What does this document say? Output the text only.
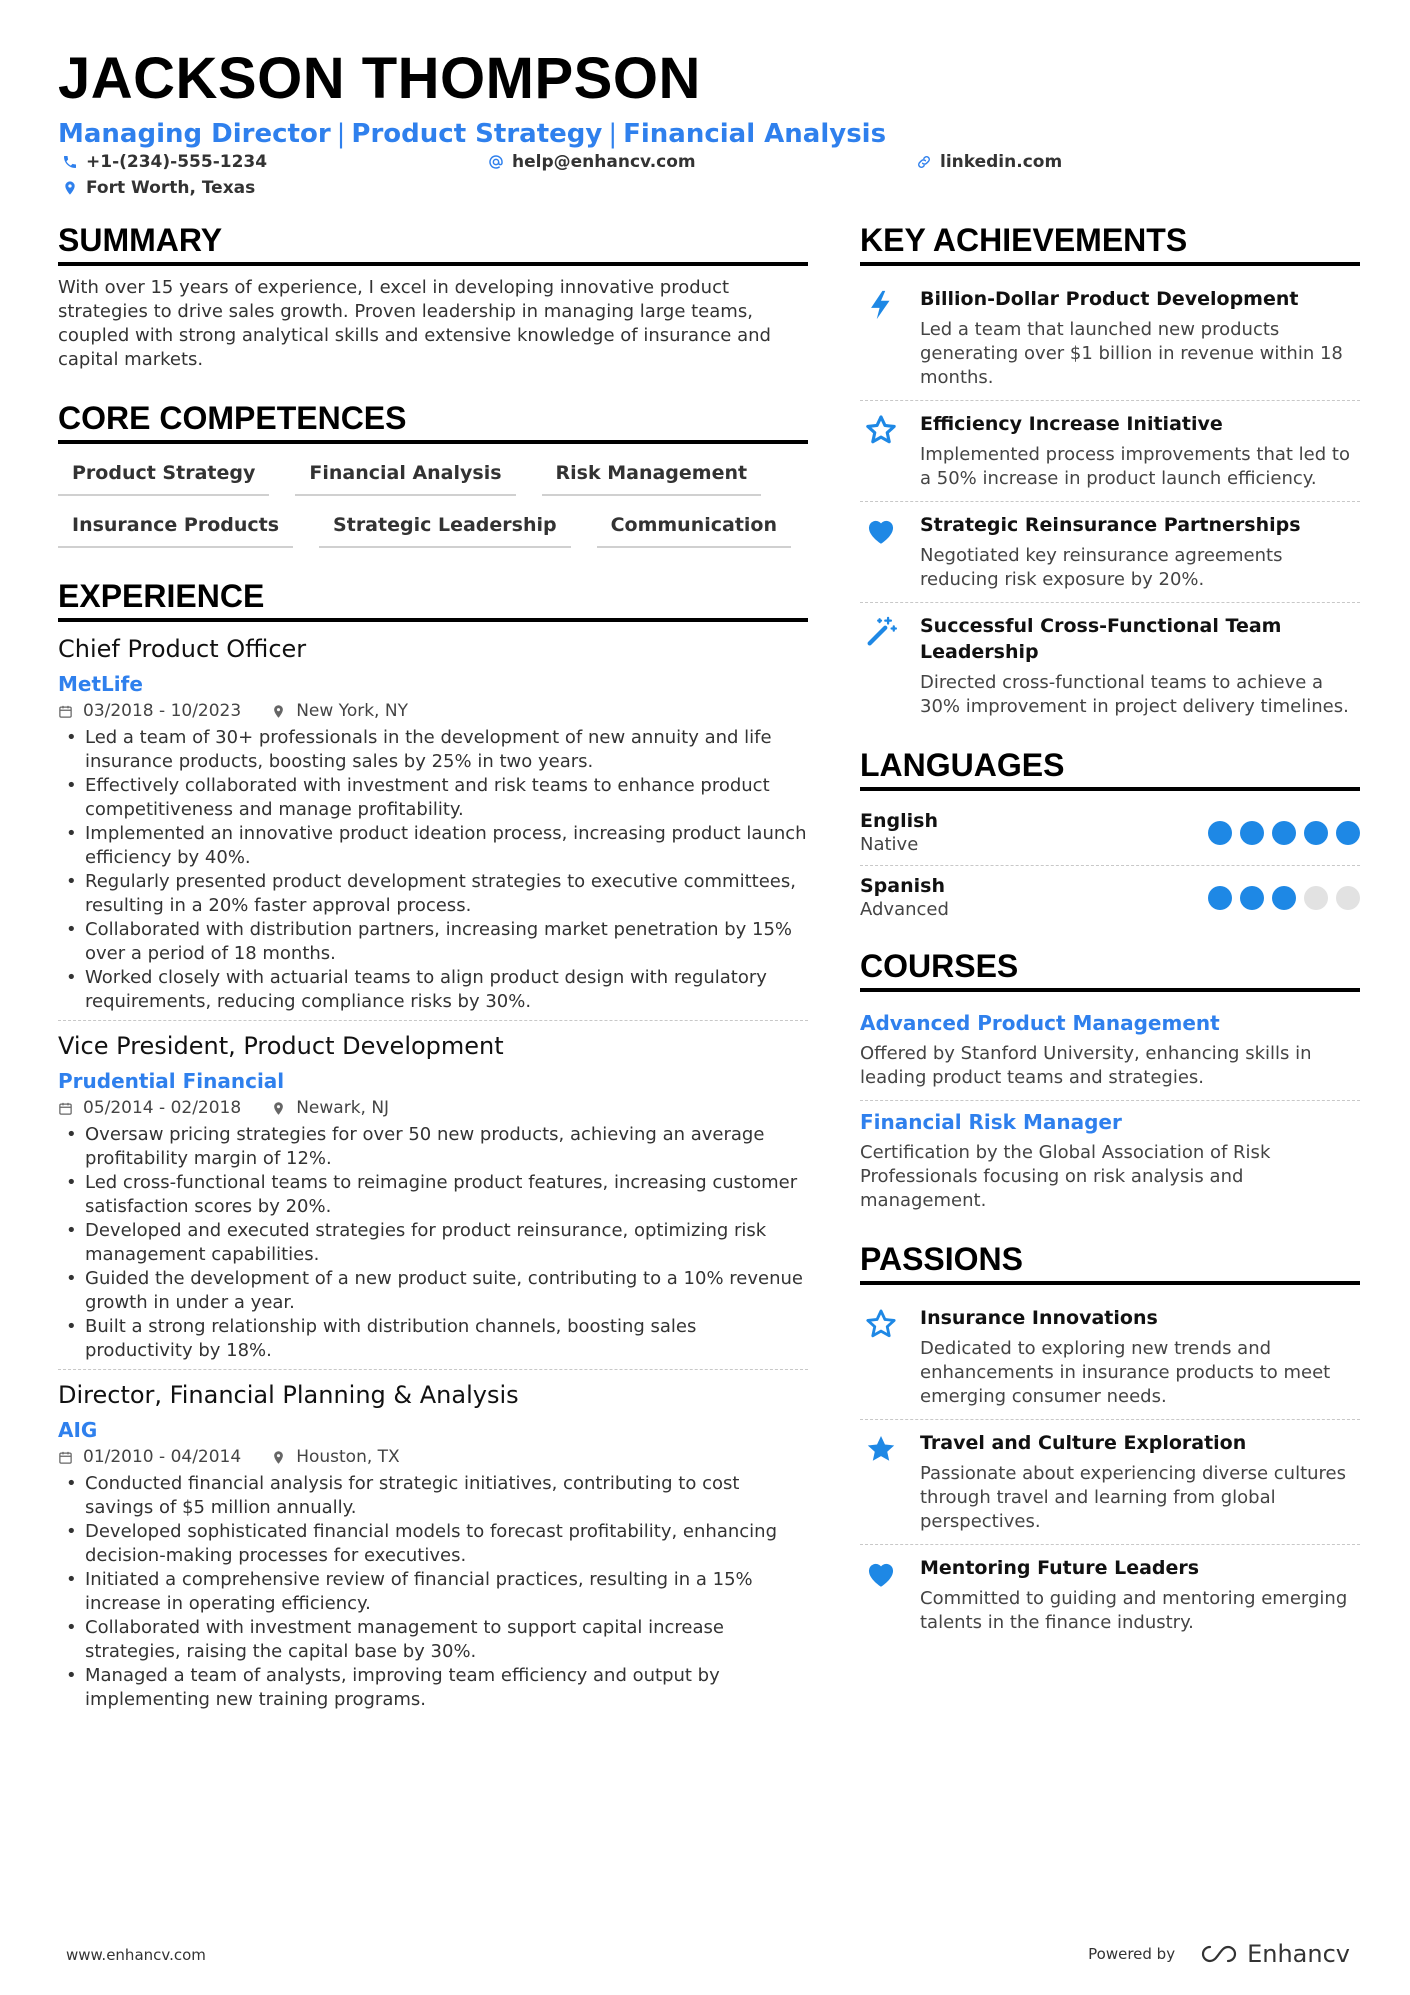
JACKSON THOMPSON
Managing Director | Product Strategy | Financial Analysis
+1-(234)-555-1234	help@enhancv.com	linkedin.com
Fort Worth, Texas
SUMMARY

With over 15 years of experience, I excel in developing innovative product strategies to drive sales growth. Proven leadership in managing large teams, coupled with strong analytical skills and extensive knowledge of insurance and capital markets.

CORE COMPETENCES
Product Strategy	Financial Analysis	Risk Management
Insurance Products	Strategic Leadership	Communication
EXPERIENCE
Chief Product Officer
MetLife
03/2018 - 10/2023	New York, NY
• Led a team of 30+ professionals in the development of new annuity and life insurance products, boosting sales by 25% in two years.
• Effectively collaborated with investment and risk teams to enhance product competitiveness and manage profitability.
• Implemented an innovative product ideation process, increasing product launch efficiency by 40%.
• Regularly presented product development strategies to executive committees, resulting in a 20% faster approval process.
• Collaborated with distribution partners, increasing market penetration by 15% over a period of 18 months.
• Worked closely with actuarial teams to align product design with regulatory requirements, reducing compliance risks by 30%.
Vice President, Product Development
Prudential Financial
05/2014 - 02/2018	Newark, NJ
• Oversaw pricing strategies for over 50 new products, achieving an average profitability margin of 12%.
• Led cross-functional teams to reimagine product features, increasing customer satisfaction scores by 20%.
• Developed and executed strategies for product reinsurance, optimizing risk management capabilities.
• Guided the development of a new product suite, contributing to a 10% revenue growth in under a year.
• Built a strong relationship with distribution channels, boosting sales productivity by 18%.
Director, Financial Planning & Analysis
AIG
01/2010 - 04/2014	Houston, TX
• Conducted financial analysis for strategic initiatives, contributing to cost savings of $5 million annually.
• Developed sophisticated financial models to forecast profitability, enhancing decision-making processes for executives.
• Initiated a comprehensive review of financial practices, resulting in a 15% increase in operating efficiency.
• Collaborated with investment management to support capital increase strategies, raising the capital base by 30%.
• Managed a team of analysts, improving team efficiency and output by implementing new training programs.
KEY ACHIEVEMENTS
Billion-Dollar Product Development

Led a team that launched new products generating over $1 billion in revenue within 18 months.

Efficiency Increase Initiative

Implemented process improvements that led to a 50% increase in product launch efficiency.

Strategic Reinsurance Partnerships

Negotiated key reinsurance agreements reducing risk exposure by 20%.

Successful Cross-Functional Team Leadership

Directed cross-functional teams to achieve a 30% improvement in project delivery timelines.

LANGUAGES
English
Native
Spanish
Advanced
COURSES
Advanced Product Management

Offered by Stanford University, enhancing skills in leading product teams and strategies.

Financial Risk Manager

Certification by the Global Association of Risk Professionals focusing on risk analysis and management.

PASSIONS
Insurance Innovations

Dedicated to exploring new trends and enhancements in insurance products to meet emerging consumer needs.

Travel and Culture Exploration

Passionate about experiencing diverse cultures through travel and learning from global perspectives.

Mentoring Future Leaders

Committed to guiding and mentoring emerging talents in the finance industry.

www.enhancv.com	Powered by	Enhancv
